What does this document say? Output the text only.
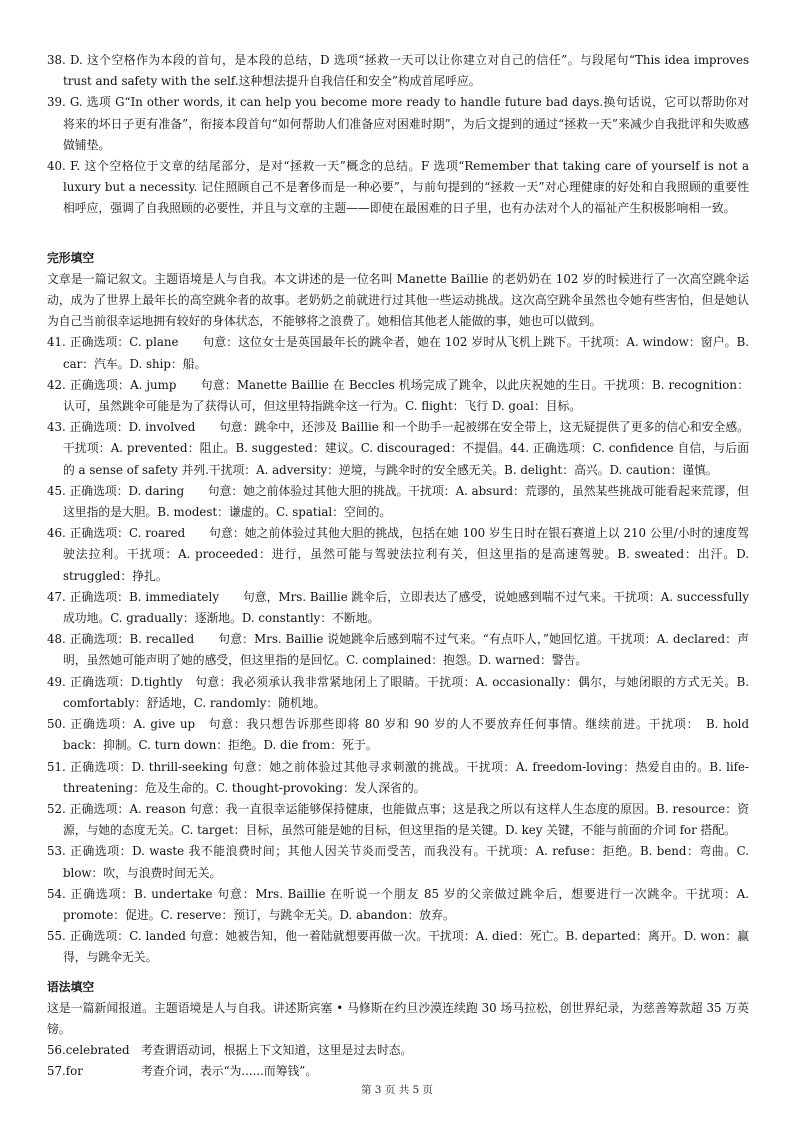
38. D. 这个空格作为本段的首句，是本段的总结，D 选项“拯救一天可以让你建立对自己的信任”。与段尾句“This idea improves trust and safety with the self.这种想法提升自我信任和安全”构成首尾呼应。

39. G. 选项 G“In other words, it can help you become more ready to handle future bad days.换句话说，它可以帮助你对将来的坏日子更有准备”，衔接本段首句“如何帮助人们准备应对困难时期”，为后文提到的通过“拯救一天”来减少自我批评和失败感做铺垫。

40. F. 这个空格位于文章的结尾部分，是对“拯救一天”概念的总结。F 选项“Remember that taking care of yourself is not a luxury but a necessity. 记住照顾自己不是奢侈而是一种必要”，与前句提到的“拯救一天”对心理健康的好处和自我照顾的重要性相呼应，强调了自我照顾的必要性，并且与文章的主题——即使在最困难的日子里，也有办法对个人的福祉产生积极影响相一致。

完形填空

文章是一篇记叙文。主题语境是人与自我。本文讲述的是一位名叫 Manette Baillie 的老奶奶在 102 岁的时候进行了一次高空跳伞运动，成为了世界上最年长的高空跳伞者的故事。老奶奶之前就进行过其他一些运动挑战。这次高空跳伞虽然也令她有些害怕，但是她认为自己当前很幸运地拥有较好的身体状态，不能够将之浪费了。她相信其他老人能做的事，她也可以做到。

41. 正确选项：C. plane　　句意：这位女士是英国最年长的跳伞者，她在 102 岁时从飞机上跳下。干扰项：A. window：窗户。B. car：汽车。D. ship：船。

42. 正确选项：A. jump　　句意：Manette Baillie 在 Beccles 机场完成了跳伞，以此庆祝她的生日。干扰项：B. recognition：认可，虽然跳伞可能是为了获得认可，但这里特指跳伞这一行为。C. flight：飞行 D. goal：目标。

43. 正确选项：D. involved　　句意：跳伞中，还涉及 Baillie 和一个助手一起被绑在安全带上，这无疑提供了更多的信心和安全感。干扰项：A. prevented：阻止。B. suggested：建议。C. discouraged：不提倡。44. 正确选项：C. confidence 自信，与后面的 a sense of safety 并列.干扰项：A. adversity：逆境，与跳伞时的安全感无关。B. delight：高兴。D. caution：谨慎。

45. 正确选项：D. daring　　句意：她之前体验过其他大胆的挑战。干扰项：A. absurd：荒谬的，虽然某些挑战可能看起来荒谬，但这里指的是大胆。B. modest：谦虚的。C. spatial：空间的。

46. 正确选项：C. roared　　句意：她之前体验过其他大胆的挑战，包括在她 100 岁生日时在银石赛道上以 210 公里/小时的速度驾驶法拉利。干扰项：A. proceeded：进行，虽然可能与驾驶法拉利有关，但这里指的是高速驾驶。B. sweated：出汗。D. struggled：挣扎。

47. 正确选项：B. immediately　　句意，Mrs. Baillie 跳伞后，立即表达了感受，说她感到喘不过气来。干扰项：A. successfully 成功地。C. gradually：逐渐地。D. constantly：不断地。

48. 正确选项：B. recalled　　句意：Mrs. Baillie 说她跳伞后感到喘不过气来。“有点吓人，”她回忆道。干扰项：A. declared：声明，虽然她可能声明了她的感受，但这里指的是回忆。C. complained：抱怨。D. warned：警告。

49. 正确选项：D.tightly　句意：我必须承认我非常紧地闭上了眼睛。干扰项：A. occasionally：偶尔，与她闭眼的方式无关。B. comfortably：舒适地，C. randomly：随机地。

50. 正确选项：A. give up　句意：我只想告诉那些即将 80 岁和 90 岁的人不要放弃任何事情。继续前进。干扰项：　B. hold back：抑制。C. turn down：拒绝。D. die from：死于。

51. 正确选项：D. thrill-seeking 句意：她之前体验过其他寻求刺激的挑战。干扰项：A. freedom-loving：热爱自由的。B. life-threatening：危及生命的。C. thought-provoking：发人深省的。

52. 正确选项：A. reason 句意：我一直很幸运能够保持健康，也能做点事；这是我之所以有这样人生态度的原因。B. resource：资源，与她的态度无关。C. target：目标，虽然可能是她的目标，但这里指的是关键。D. key 关键，不能与前面的介词 for 搭配。

53. 正确选项：D. waste 我不能浪费时间；其他人因关节炎而受苦，而我没有。干扰项：A. refuse：拒绝。B. bend：弯曲。C. blow：吹，与浪费时间无关。

54. 正确选项：B. undertake 句意：Mrs. Baillie 在听说一个朋友 85 岁的父亲做过跳伞后，想要进行一次跳伞。干扰项：A. promote：促进。C. reserve：预订，与跳伞无关。D. abandon：放弃。

55. 正确选项：C. landed 句意：她被告知，他一着陆就想要再做一次。干扰项：A. died：死亡。B. departed：离开。D. won：赢得，与跳伞无关。

语法填空

这是一篇新闻报道。主题语境是人与自我。讲述斯宾塞 • 马修斯在约旦沙漠连续跑 30 场马拉松，创世界纪录，为慈善筹款超 35 万英镑。

56.celebrated 考查谓语动词，根据上下文知道，这里是过去时态。
57.for	考查介词，表示“为......而筹钱”。
第 3 页 共 5 页
